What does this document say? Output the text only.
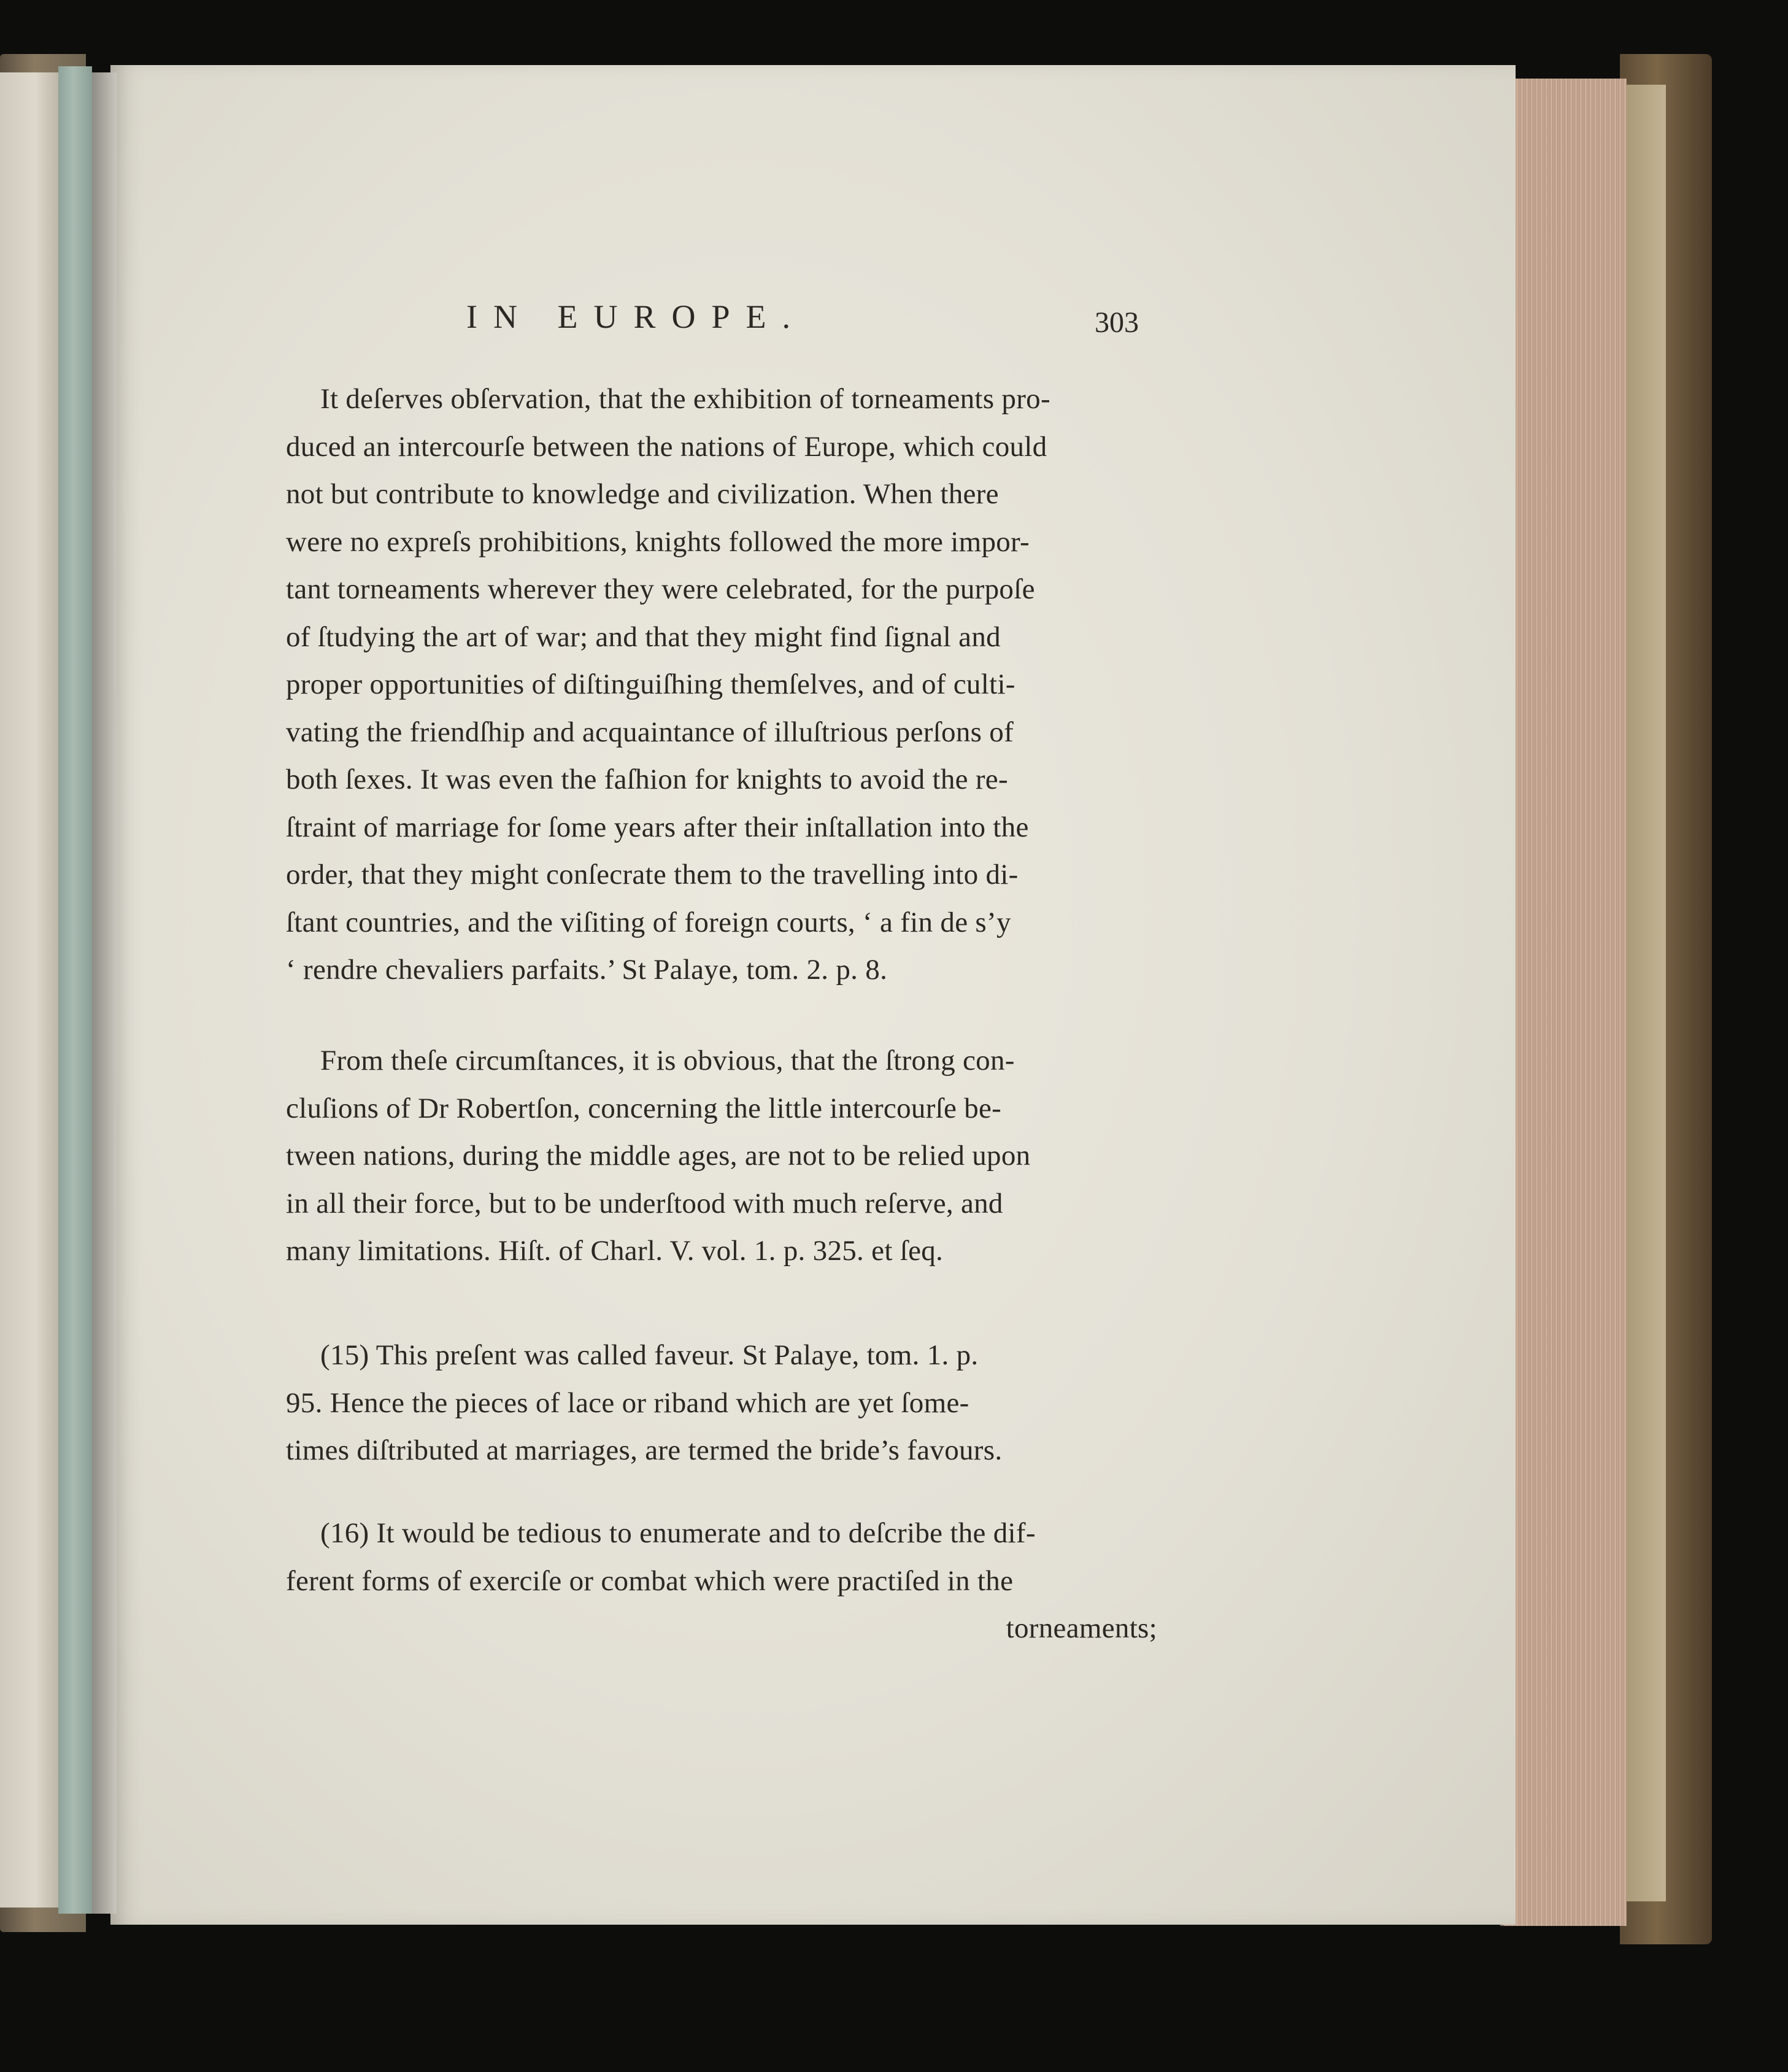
IN EUROPE.	303
It deſerves obſervation, that the exhibition of torneaments pro-
duced an intercourſe between the nations of Europe, which could
not but contribute to knowledge and civilization. When there
were no expreſs prohibitions, knights followed the more impor-
tant torneaments wherever they were celebrated, for the purpoſe
of ſtudying the art of war; and that they might find ſignal and
proper opportunities of diſtinguiſhing themſelves, and of culti-
vating the friendſhip and acquaintance of illuſtrious perſons of
both ſexes. It was even the faſhion for knights to avoid the re-
ſtraint of marriage for ſome years after their inſtallation into the
order, that they might conſecrate them to the travelling into di-
ſtant countries, and the viſiting of foreign courts, ‘ a fin de s’y
‘ rendre chevaliers parfaits.’ St Palaye, tom. 2. p. 8.
From theſe circumſtances, it is obvious, that the ſtrong con-
cluſions of Dr Robertſon, concerning the little intercourſe be-
tween nations, during the middle ages, are not to be relied upon
in all their force, but to be underſtood with much reſerve, and
many limitations. Hiſt. of Charl. V. vol. 1. p. 325. et ſeq.
(15) This preſent was called faveur. St Palaye, tom. 1. p.
95. Hence the pieces of lace or riband which are yet ſome-
times diſtributed at marriages, are termed the bride’s favours.
(16) It would be tedious to enumerate and to deſcribe the dif-
ferent forms of exerciſe or combat which were practiſed in the
torneaments;
